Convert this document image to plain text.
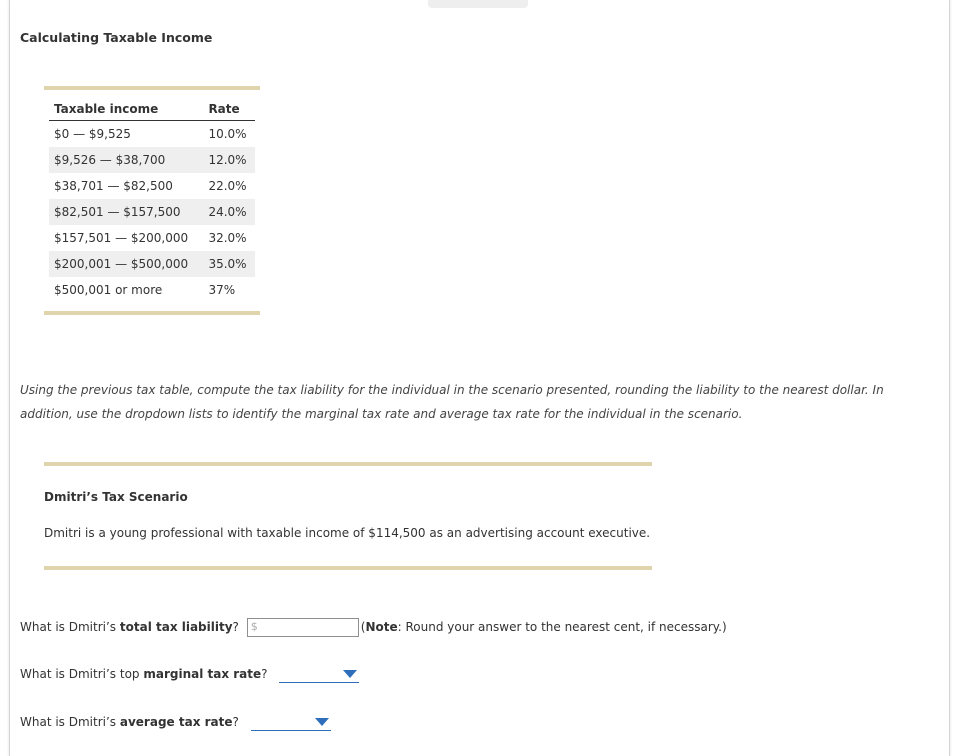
Calculating Taxable Income
Taxable income	Rate
$0 — $9,525	10.0%
$9,526 — $38,700	12.0%
$38,701 — $82,500	22.0%
$82,501 — $157,500	24.0%
$157,501 — $200,000	32.0%
$200,001 — $500,000	35.0%
$500,001 or more	37%

Using the previous tax table, compute the tax liability for the individual in the scenario presented, rounding the liability to the nearest dollar. In addition, use the dropdown lists to identify the marginal tax rate and average tax rate for the individual in the scenario.

Dmitri’s Tax Scenario

Dmitri is a young professional with taxable income of $114,500 as an advertising account executive.

What is Dmitri’s total tax liability? $	(Note: Round your answer to the nearest cent, if necessary.)
What is Dmitri’s top marginal tax rate?
What is Dmitri’s average tax rate?
